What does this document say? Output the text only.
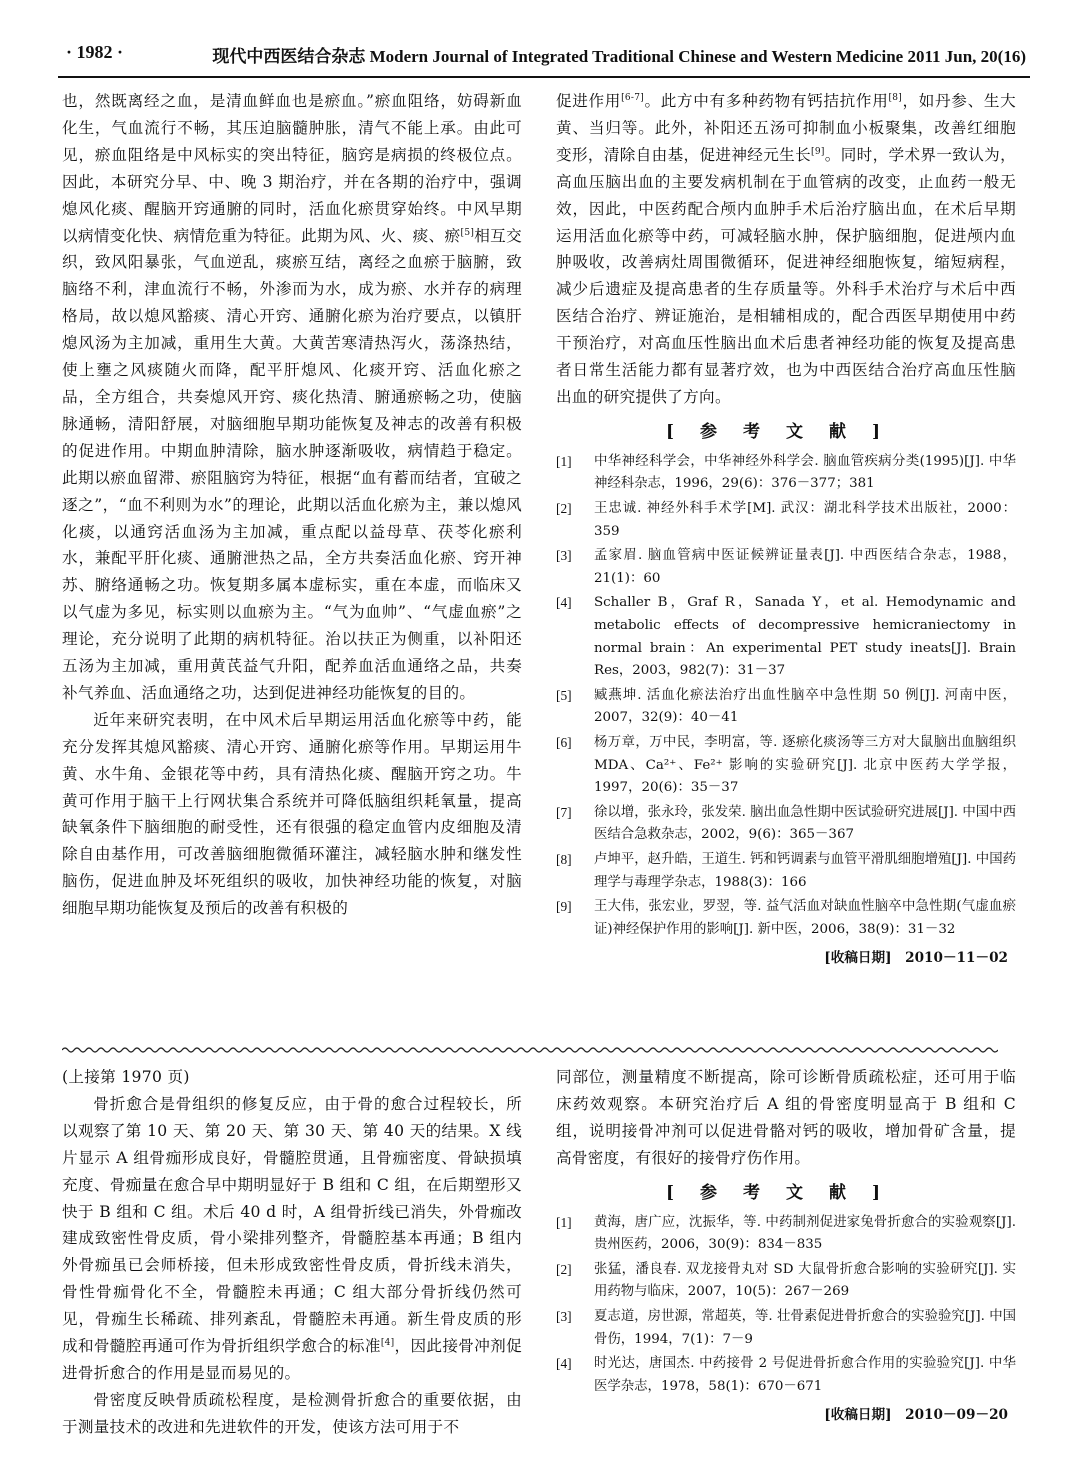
· 1982 ·	现代中西医结合杂志 Modern Journal of Integrated Traditional Chinese and Western Medicine 2011 Jun, 20(16)

也，然既离经之血，是清血鲜血也是瘀血。”瘀血阻络，妨碍新血化生，气血流行不畅，其压迫脑髓肿胀，清气不能上承。由此可见，瘀血阻络是中风标实的突出特征，脑窍是病损的终极位点。因此，本研究分早、中、晚 3 期治疗，并在各期的治疗中，强调熄风化痰、醒脑开窍通腑的同时，活血化瘀贯穿始终。中风早期以病情变化快、病情危重为特征。此期为风、火、痰、瘀[5]相互交织，致风阳暴张，气血逆乱，痰瘀互结，离经之血瘀于脑腑，致脑络不利，津血流行不畅，外渗而为水，成为瘀、水并存的病理格局，故以熄风豁痰、清心开窍、通腑化瘀为治疗要点，以镇肝熄风汤为主加减，重用生大黄。大黄苦寒清热泻火，荡涤热结，使上壅之风痰随火而降，配平肝熄风、化痰开窍、活血化瘀之品，全方组合，共奏熄风开窍、痰化热清、腑通瘀畅之功，使脑脉通畅，清阳舒展，对脑细胞早期功能恢复及神志的改善有积极的促进作用。中期血肿清除，脑水肿逐渐吸收，病情趋于稳定。此期以瘀血留滞、瘀阻脑窍为特征，根据“血有蓄而结者，宜破之逐之”，“血不利则为水”的理论，此期以活血化瘀为主，兼以熄风化痰，以通窍活血汤为主加减，重点配以益母草、茯苓化瘀利水，兼配平肝化痰、通腑泄热之品，全方共奏活血化瘀、窍开神苏、腑络通畅之功。恢复期多属本虚标实，重在本虚，而临床又以气虚为多见，标实则以血瘀为主。“气为血帅”、“气虚血瘀”之理论，充分说明了此期的病机特征。治以扶正为侧重，以补阳还五汤为主加减，重用黄芪益气升阳，配养血活血通络之品，共奏补气养血、活血通络之功，达到促进神经功能恢复的目的。

近年来研究表明，在中风术后早期运用活血化瘀等中药，能充分发挥其熄风豁痰、清心开窍、通腑化瘀等作用。早期运用牛黄、水牛角、金银花等中药，具有清热化痰、醒脑开窍之功。牛黄可作用于脑干上行网状集合系统并可降低脑组织耗氧量，提高缺氧条件下脑细胞的耐受性，还有很强的稳定血管内皮细胞及清除自由基作用，可改善脑细胞微循环灌注，减轻脑水肿和继发性脑伤，促进血肿及坏死组织的吸收，加快神经功能的恢复，对脑细胞早期功能恢复及预后的改善有积极的

促进作用[6-7]。此方中有多种药物有钙拮抗作用[8]，如丹参、生大黄、当归等。此外，补阳还五汤可抑制血小板聚集，改善红细胞变形，清除自由基，促进神经元生长[9]。同时，学术界一致认为，高血压脑出血的主要发病机制在于血管病的改变，止血药一般无效，因此，中医药配合颅内血肿手术后治疗脑出血，在术后早期运用活血化瘀等中药，可减轻脑水肿，保护脑细胞，促进颅内血肿吸收，改善病灶周围微循环，促进神经细胞恢复，缩短病程，减少后遗症及提高患者的生存质量等。外科手术治疗与术后中西医结合治疗、辨证施治，是相辅相成的，配合西医早期使用中药干预治疗，对高血压性脑出血术后患者神经功能的恢复及提高患者日常生活能力都有显著疗效，也为中西医结合治疗高血压性脑出血的研究提供了方向。

[参考文献]
[1] 中华神经科学会，中华神经外科学会. 脑血管疾病分类(1995)[J]. 中华神经科杂志，1996，29(6)：376－377；381
[2] 王忠诚. 神经外科手术学[M]. 武汉：湖北科学技术出版社，2000：359
[3] 孟家眉. 脑血管病中医证候辨证量表[J]. 中西医结合杂志，1988，21(1)：60
[4] Schaller B，Graf R，Sanada Y，et al. Hemodynamic and metabolic effects of decompressive hemicraniectomy in normal brain：An experimental PET study ineats[J]. Brain Res，2003，982(7)：31－37
[5] 臧燕坤. 活血化瘀法治疗出血性脑卒中急性期 50 例[J]. 河南中医，2007，32(9)：40－41
[6] 杨万章，万中民，李明富，等. 逐瘀化痰汤等三方对大鼠脑出血脑组织 MDA、Ca²⁺、Fe²⁺ 影响的实验研究[J]. 北京中医药大学学报，1997，20(6)：35－37
[7] 徐以增，张永玲，张发荣. 脑出血急性期中医试验研究进展[J]. 中国中西医结合急救杂志，2002，9(6)：365－367
[8] 卢坤平，赵升皓，王道生. 钙和钙调素与血管平滑肌细胞增殖[J]. 中国药理学与毒理学杂志，1988(3)：166
[9] 王大伟，张宏业，罗翌，等. 益气活血对缺血性脑卒中急性期(气虚血瘀证)神经保护作用的影响[J]. 新中医，2006，38(9)：31－32
[收稿日期]　2010－11－02

(上接第 1970 页)

骨折愈合是骨组织的修复反应，由于骨的愈合过程较长，所以观察了第 10 天、第 20 天、第 30 天、第 40 天的结果。X 线片显示 A 组骨痂形成良好，骨髓腔贯通，且骨痂密度、骨缺损填充度、骨痂量在愈合早中期明显好于 B 组和 C 组，在后期塑形又快于 B 组和 C 组。术后 40 d 时，A 组骨折线已消失，外骨痂改建成致密性骨皮质，骨小梁排列整齐，骨髓腔基本再通；B 组内外骨痂虽已会师桥接，但未形成致密性骨皮质，骨折线未消失，骨性骨痂骨化不全，骨髓腔未再通；C 组大部分骨折线仍然可见，骨痂生长稀疏、排列紊乱，骨髓腔未再通。新生骨皮质的形成和骨髓腔再通可作为骨折组织学愈合的标准[4]，因此接骨冲剂促进骨折愈合的作用是显而易见的。

骨密度反映骨质疏松程度，是检测骨折愈合的重要依据，由于测量技术的改进和先进软件的开发，使该方法可用于不

同部位，测量精度不断提高，除可诊断骨质疏松症，还可用于临床药效观察。本研究治疗后 A 组的骨密度明显高于 B 组和 C 组，说明接骨冲剂可以促进骨骼对钙的吸收，增加骨矿含量，提高骨密度，有很好的接骨疗伤作用。

[参考文献]
[1] 黄海，唐广应，沈振华，等. 中药制剂促进家兔骨折愈合的实验观察[J]. 贵州医药，2006，30(9)：834－835
[2] 张猛，潘良春. 双龙接骨丸对 SD 大鼠骨折愈合影响的实验研究[J]. 实用药物与临床，2007，10(5)：267－269
[3] 夏志道，房世源，常超英，等. 壮骨素促进骨折愈合的实验验究[J]. 中国骨伤，1994，7(1)：7－9
[4] 时光达，唐国杰. 中药接骨 2 号促进骨折愈合作用的实验验究[J]. 中华医学杂志，1978，58(1)：670－671
[收稿日期]　2010－09－20
